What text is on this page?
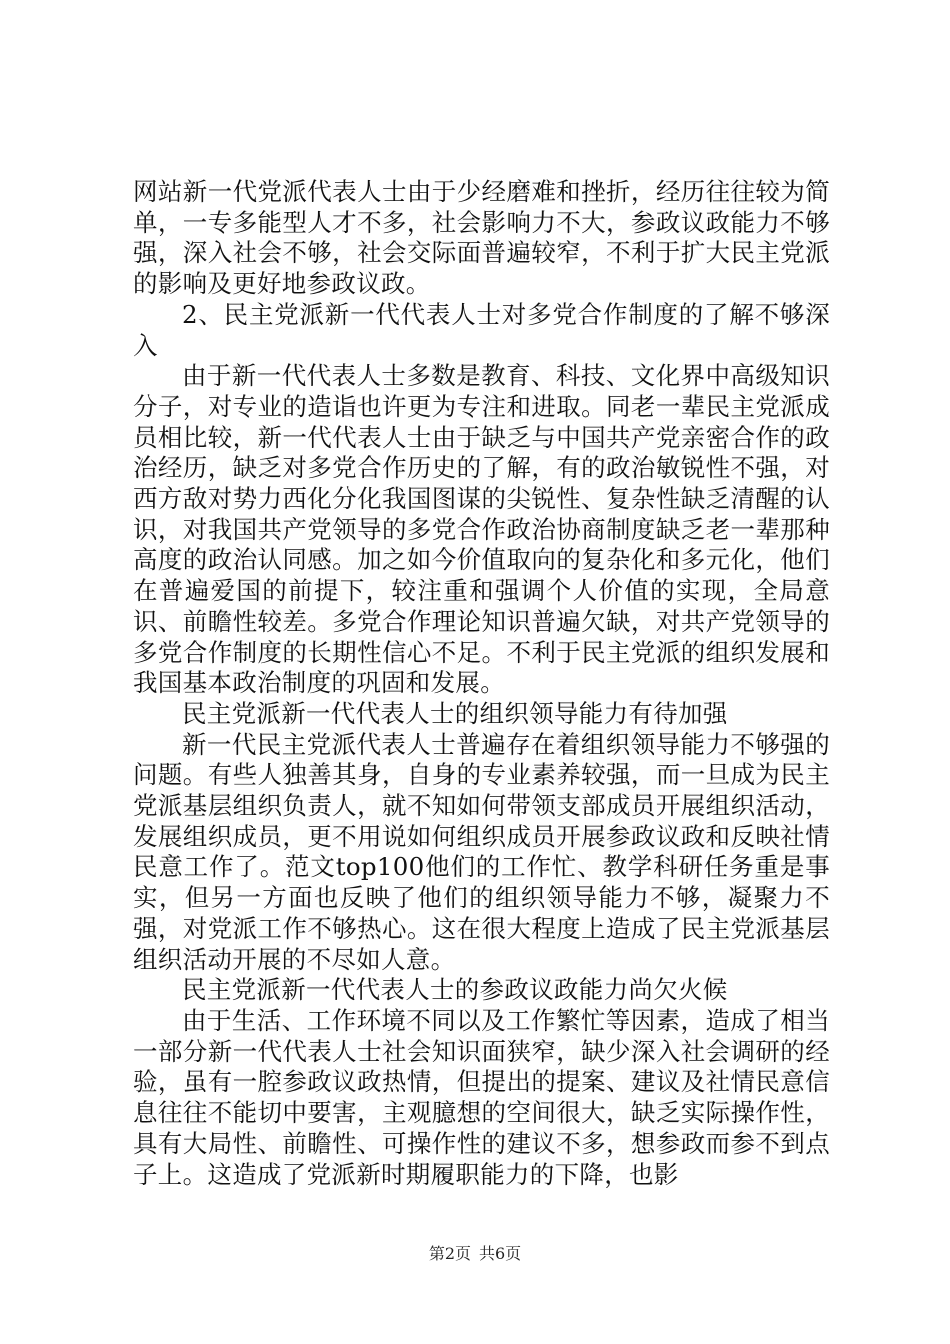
网站新一代党派代表人士由于少经磨难和挫折，经历往往较为简单，一专多能型人才不多，社会影响力不大，参政议政能力不够强，深入社会不够，社会交际面普遍较窄，不利于扩大民主党派的影响及更好地参政议政。

2、民主党派新一代代表人士对多党合作制度的了解不够深入

由于新一代代表人士多数是教育、科技、文化界中高级知识分子，对专业的造诣也许更为专注和进取。同老一辈民主党派成员相比较，新一代代表人士由于缺乏与中国共产党亲密合作的政治经历，缺乏对多党合作历史的了解，有的政治敏锐性不强，对西方敌对势力西化分化我国图谋的尖锐性、复杂性缺乏清醒的认识，对我国共产党领导的多党合作政治协商制度缺乏老一辈那种高度的政治认同感。加之如今价值取向的复杂化和多元化，他们在普遍爱国的前提下，较注重和强调个人价值的实现，全局意识、前瞻性较差。多党合作理论知识普遍欠缺，对共产党领导的多党合作制度的长期性信心不足。不利于民主党派的组织发展和我国基本政治制度的巩固和发展。

民主党派新一代代表人士的组织领导能力有待加强

新一代民主党派代表人士普遍存在着组织领导能力不够强的问题。有些人独善其身，自身的专业素养较强，而一旦成为民主党派基层组织负责人，就不知如何带领支部成员开展组织活动，发展组织成员，更不用说如何组织成员开展参政议政和反映社情民意工作了。范文top100他们的工作忙、教学科研任务重是事实，但另一方面也反映了他们的组织领导能力不够，凝聚力不强，对党派工作不够热心。这在很大程度上造成了民主党派基层组织活动开展的不尽如人意。

民主党派新一代代表人士的参政议政能力尚欠火候

由于生活、工作环境不同以及工作繁忙等因素，造成了相当一部分新一代代表人士社会知识面狭窄，缺少深入社会调研的经验，虽有一腔参政议政热情，但提出的提案、建议及社情民意信息往往不能切中要害，主观臆想的空间很大，缺乏实际操作性，具有大局性、前瞻性、可操作性的建议不多，想参政而参不到点子上。这造成了党派新时期履职能力的下降，也影

第2页 共6页
